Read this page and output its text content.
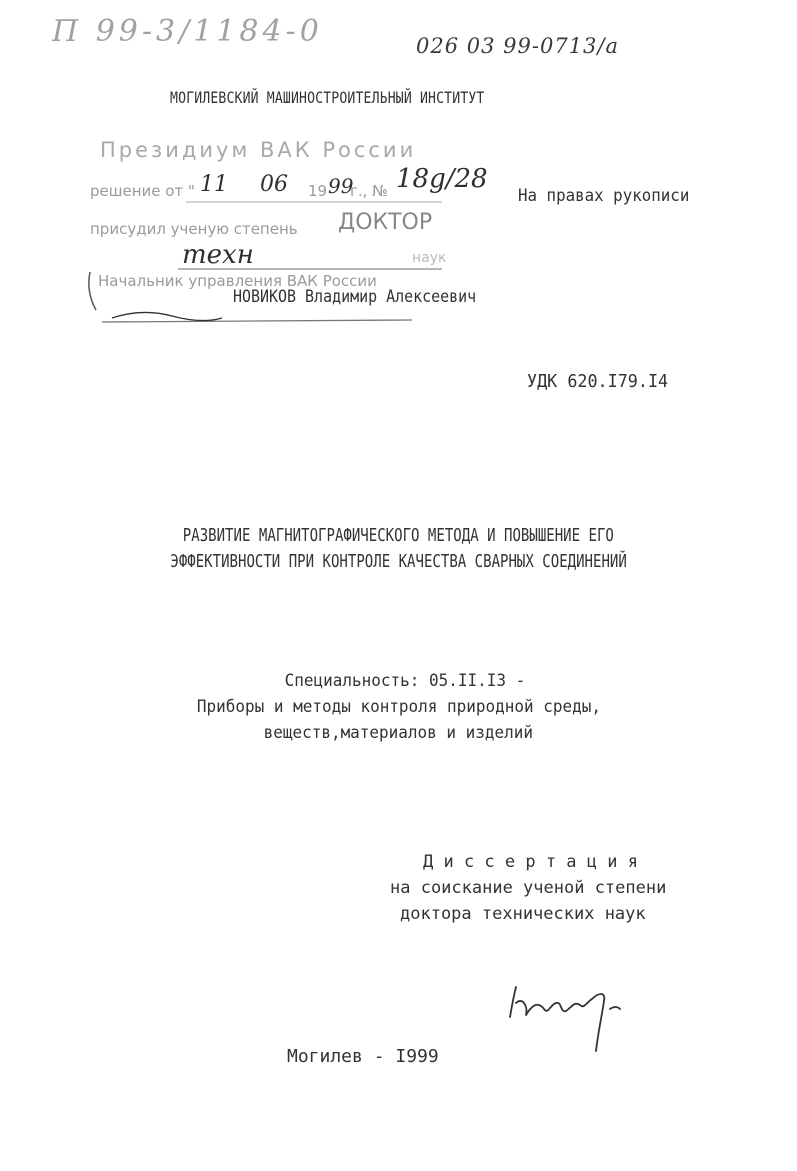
П 99-3/1184-0	026 03 99-0713/а
МОГИЛЕВСКИЙ МАШИНОСТРОИТЕЛЬНЫЙ ИНСТИТУТ
Президиум ВАК России
решение от " 11 06 19 99
г., № 18g/28
присудил ученую степень ДОКТОР
техн	наук
Начальник управления ВАК России
На правах рукописи
НОВИКОВ Владимир Алексеевич
УДК 620.I79.I4
РАЗВИТИЕ МАГНИТОГРАФИЧЕСКОГО МЕТОДА И ПОВЫШЕНИЕ ЕГО
ЭФФЕКТИВНОСТИ ПРИ КОНТРОЛЕ КАЧЕСТВА СВАРНЫХ СОЕДИНЕНИЙ
Специальность: 05.II.I3 -
Приборы и методы контроля природной среды,
веществ,материалов и изделий
Д и с с е р т а ц и я
на соискание ученой степени
доктора технических наук
Могилев - I999
